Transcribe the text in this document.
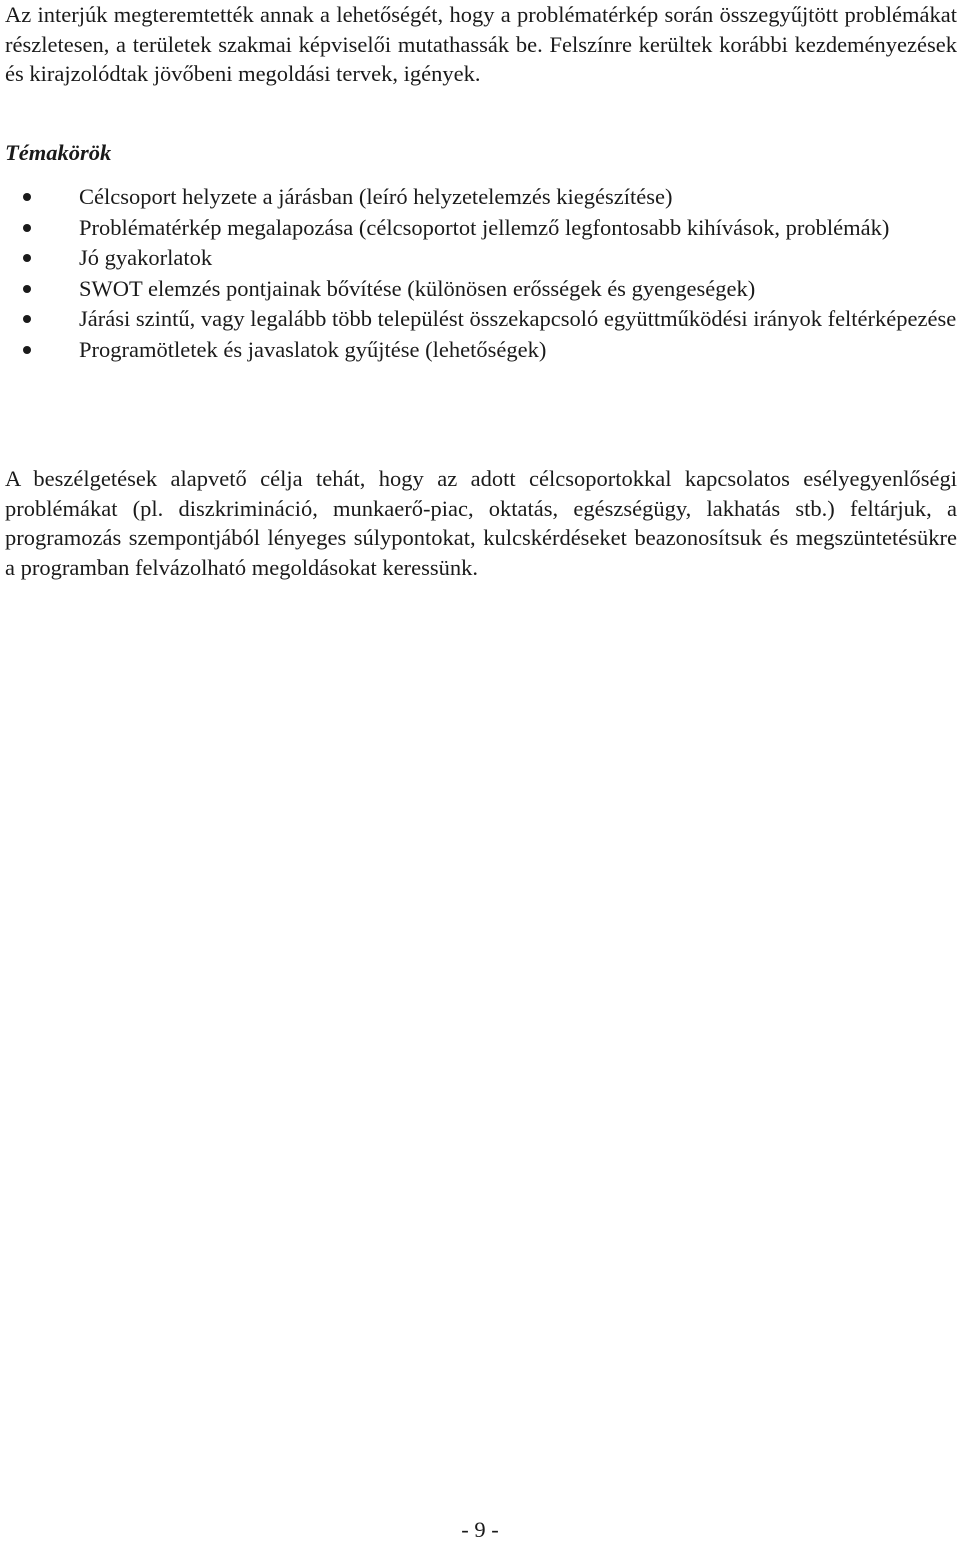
Az interjúk megteremtették annak a lehetőségét, hogy a problématérkép során összegyűjtött problémákat részletesen, a területek szakmai képviselői mutathassák be. Felszínre kerültek korábbi kezdeményezések és kirajzolódtak jövőbeni megoldási tervek, igények.

Témakörök

Célcsoport helyzete a járásban (leíró helyzetelemzés kiegészítése)
Problématérkép megalapozása (célcsoportot jellemző legfontosabb kihívások, problémák)
Jó gyakorlatok
SWOT elemzés pontjainak bővítése (különösen erősségek és gyengeségek)
Járási szintű, vagy legalább több települést összekapcsoló együttműködési irányok feltérképezése
Programötletek és javaslatok gyűjtése (lehetőségek)

A beszélgetések alapvető célja tehát, hogy az adott célcsoportokkal kapcsolatos esélyegyenlőségi problémákat (pl. diszkrimináció, munkaerő-piac, oktatás, egészségügy, lakhatás stb.) feltárjuk, a programozás szempontjából lényeges súlypontokat, kulcskérdéseket beazonosítsuk és megszüntetésükre a programban felvázolható megoldásokat keressünk.

- 9 -
